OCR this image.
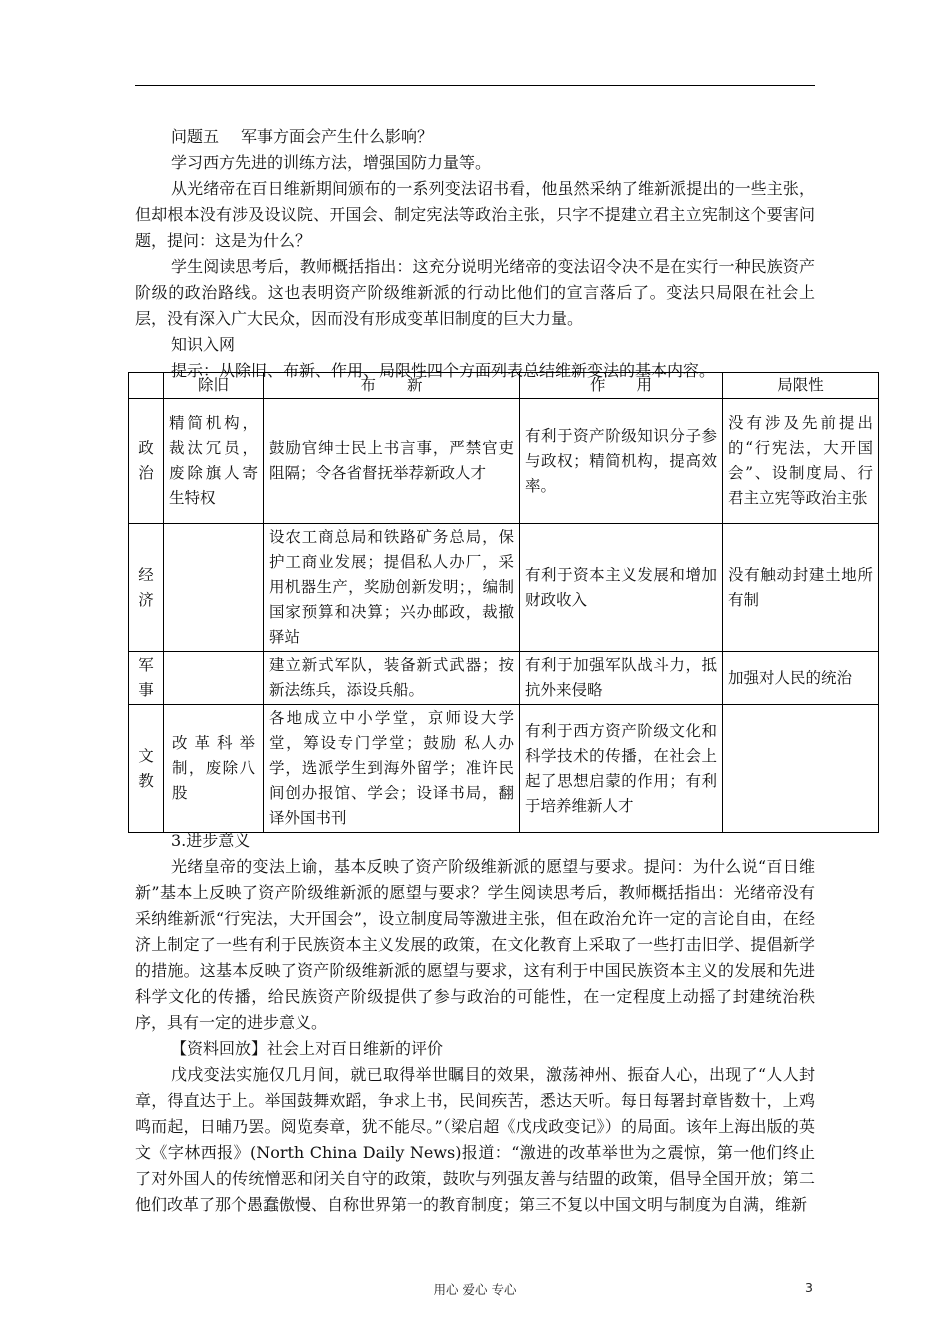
问题五 军事方面会产生什么影响？

学习西方先进的训练方法，增强国防力量等。

从光绪帝在百日维新期间颁布的一系列变法诏书看，他虽然采纳了维新派提出的一些主张，但却根本没有涉及设议院、开国会、制定宪法等政治主张，只字不提建立君主立宪制这个要害问题，提问：这是为什么？

学生阅读思考后，教师概括指出：这充分说明光绪帝的变法诏令决不是在实行一种民族资产阶级的政治路线。这也表明资产阶级维新派的行动比他们的宣言落后了。变法只局限在社会上层，没有深入广大民众，因而没有形成变革旧制度的巨大力量。

知识入网

提示：从除旧、布新、作用、局限性四个方面列表总结维新变法的基本内容。

	除旧	布　　新	作　　用	局限性

政
治	精简机构，裁汰冗员，废除旗人寄生特权	鼓励官绅士民上书言事，严禁官吏阻隔；令各省督抚举荐新政人才	有利于资产阶级知识分子参与政权；精简机构，提高效率。	没有涉及先前提出的“行宪法，大开国会”、设制度局、行君主立宪等政治主张

经
济		设农工商总局和铁路矿务总局，保护工商业发展；提倡私人办厂，采用机器生产，奖励创新发明；，编制国家预算和决算；兴办邮政，裁撤驿站	有利于资本主义发展和增加财政收入	没有触动封建土地所有制

军
事		建立新式军队，装备新式武器；按新法练兵，添设兵船。	有利于加强军队战斗力，抵抗外来侵略	加强对人民的统治

文
教	改革科举制，废除八股	各地成立中小学堂，京师设大学堂，筹设专门学堂；鼓励 私人办学，选派学生到海外留学；准许民间创办报馆、学会；设译书局，翻译外国书刊	有利于西方资产阶级文化和科学技术的传播，在社会上起了思想启蒙的作用；有利于培养维新人才	

3.进步意义

光绪皇帝的变法上谕，基本反映了资产阶级维新派的愿望与要求。提问：为什么说“百日维新”基本上反映了资产阶级维新派的愿望与要求？学生阅读思考后，教师概括指出：光绪帝没有采纳维新派“行宪法，大开国会”，设立制度局等激进主张，但在政治允许一定的言论自由，在经济上制定了一些有利于民族资本主义发展的政策，在文化教育上采取了一些打击旧学、提倡新学的措施。这基本反映了资产阶级维新派的愿望与要求，这有利于中国民族资本主义的发展和先进科学文化的传播，给民族资产阶级提供了参与政治的可能性，在一定程度上动摇了封建统治秩序，具有一定的进步意义。

【资料回放】社会上对百日维新的评价

戊戌变法实施仅几月间，就已取得举世瞩目的效果，激荡神州、振奋人心，出现了“人人封章，得直达于上。举国鼓舞欢蹈，争求上书，民间疾苦，悉达天听。每日每署封章皆数十，上鸡鸣而起，日晡乃罢。阅览奏章，犹不能尽。”（梁启超《戊戌政变记》）的局面。该年上海出版的英文《字林西报》(North China Daily News)报道：“激进的改革举世为之震惊，第一他们终止了对外国人的传统憎恶和闭关自守的政策，鼓吹与列强友善与结盟的政策，倡导全国开放；第二他们改革了那个愚蠢傲慢、自称世界第一的教育制度；第三不复以中国文明与制度为自满，维新

用心 爱心 专心	3
